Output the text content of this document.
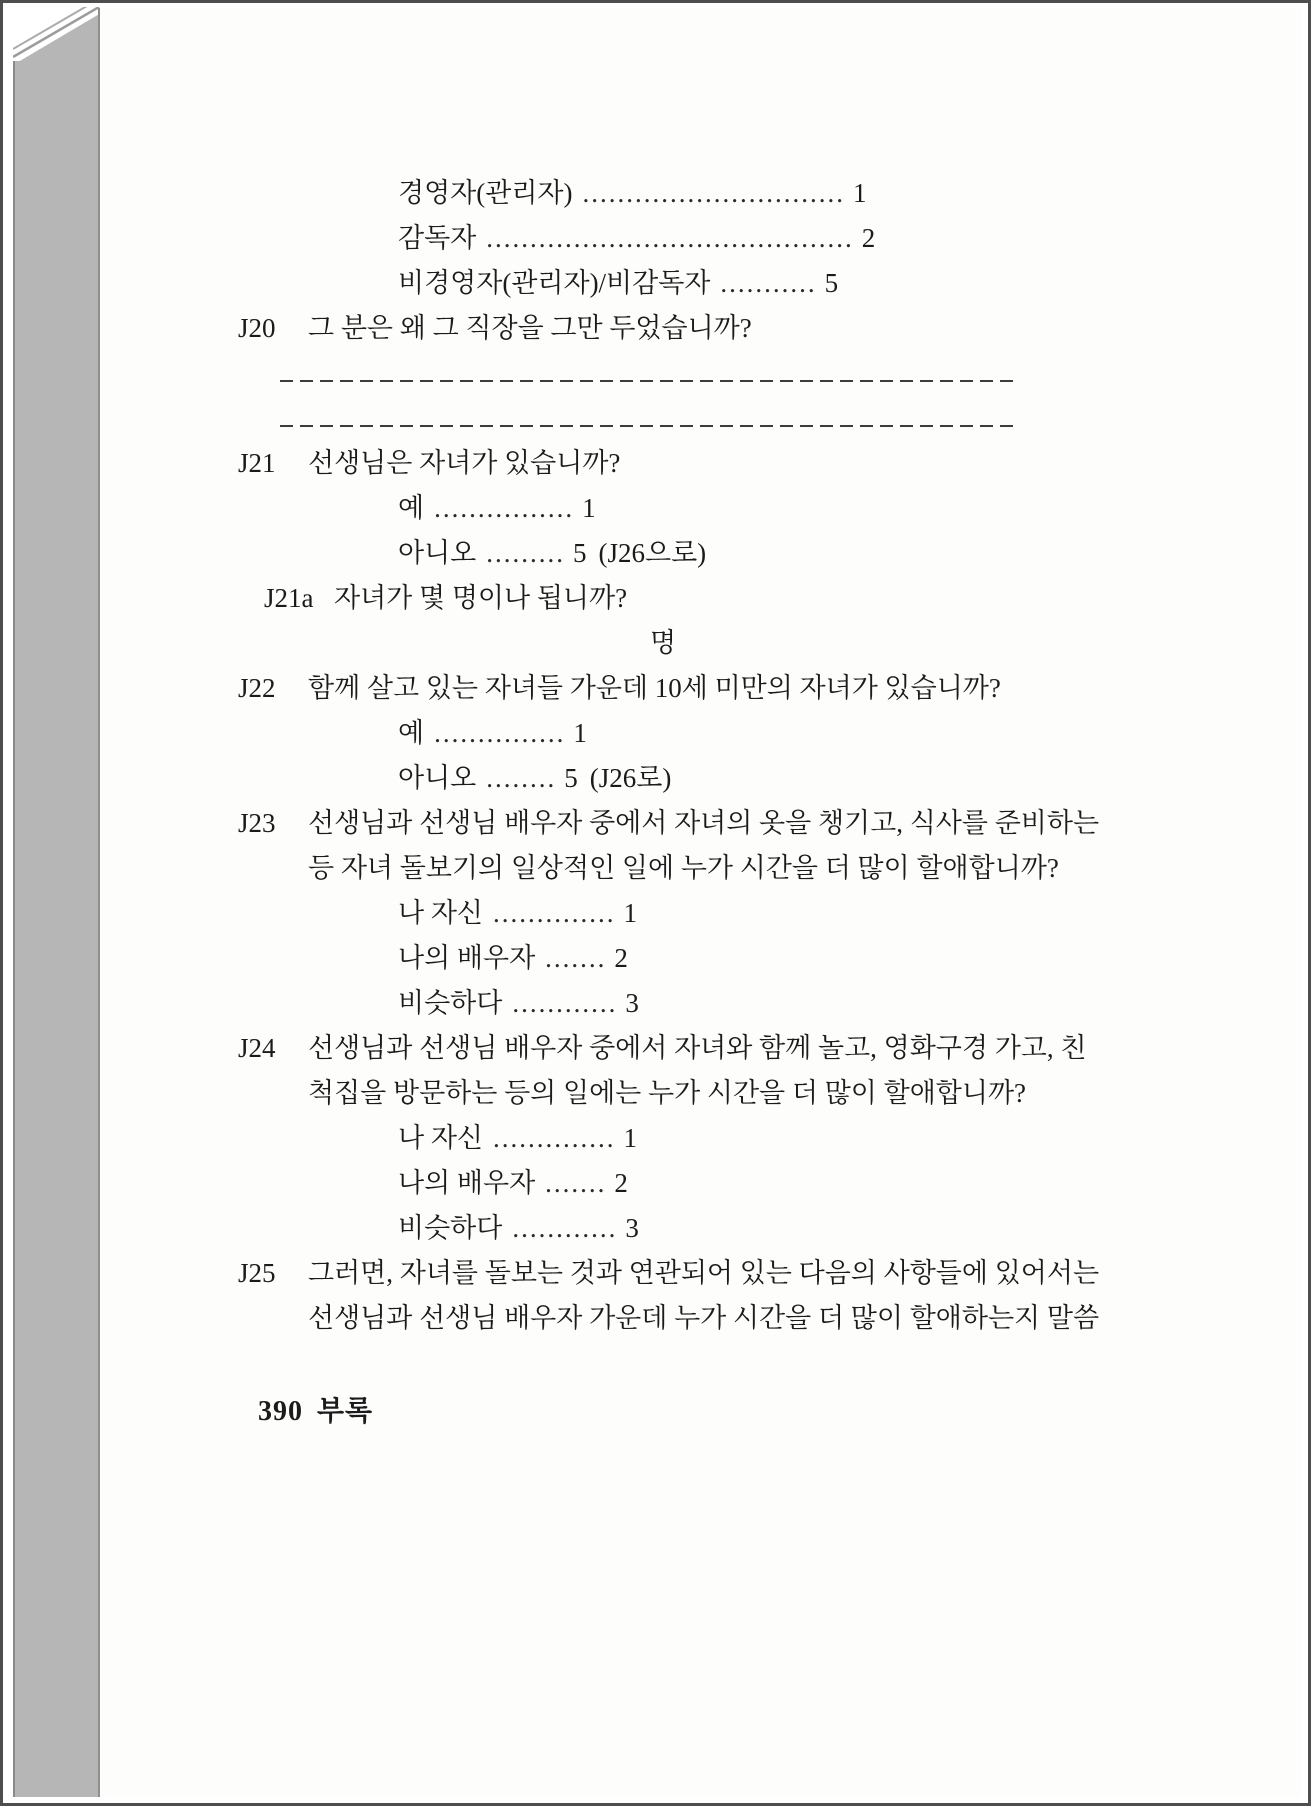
경영자(관리자) .............................. 1
감독자 .......................................... 2
비경영자(관리자)/비감독자 ........... 5
J20	그 분은 왜 그 직장을 그만 두었습니까?
J21	선생님은 자녀가 있습니까?
예 ................ 1
아니오 ......... 5 (J26으로)
J21a 자녀가 몇 명이나 됩니까?
명
J22	함께 살고 있는 자녀들 가운데 10세 미만의 자녀가 있습니까?
예 ............... 1
아니오 ........ 5 (J26로)
J23	선생님과 선생님 배우자 중에서 자녀의 옷을 챙기고, 식사를 준비하는
등 자녀 돌보기의 일상적인 일에 누가 시간을 더 많이 할애합니까?
나 자신 .............. 1
나의 배우자 ....... 2
비슷하다 ............ 3
J24	선생님과 선생님 배우자 중에서 자녀와 함께 놀고, 영화구경 가고, 친
척집을 방문하는 등의 일에는 누가 시간을 더 많이 할애합니까?
나 자신 .............. 1
나의 배우자 ....... 2
비슷하다 ............ 3
J25	그러면, 자녀를 돌보는 것과 연관되어 있는 다음의 사항들에 있어서는
선생님과 선생님 배우자 가운데 누가 시간을 더 많이 할애하는지 말씀
390 부록
